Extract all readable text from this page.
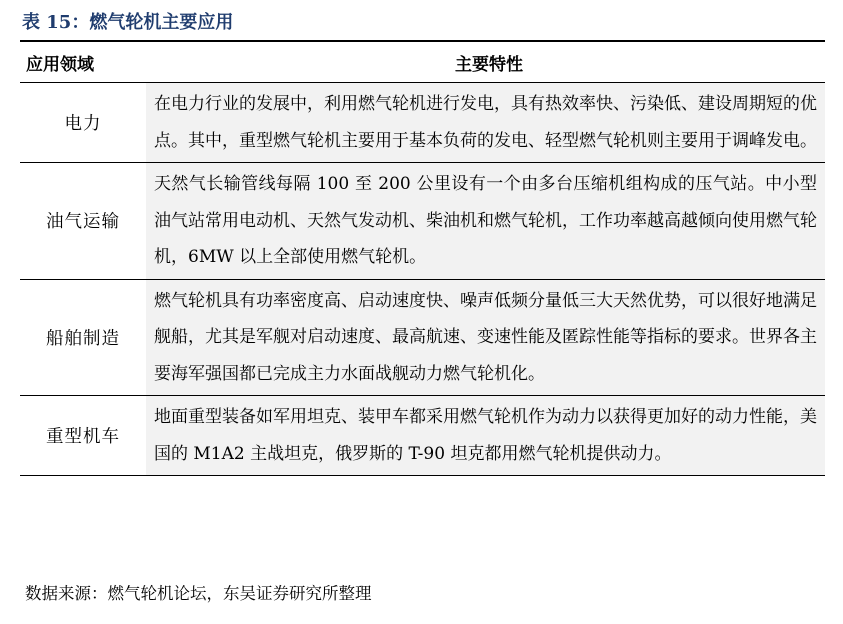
表 15：燃气轮机主要应用
应用领域	主要特性
电力
在电力行业的发展中，利用燃气轮机进行发电，具有热效率快、污染低、建设周期短的优点。其中，重型燃气轮机主要用于基本负荷的发电、轻型燃气轮机则主要用于调峰发电。
油气运输
天然气长输管线每隔 100 至 200 公里设有一个由多台压缩机组构成的压气站。中小型油气站常用电动机、天然气发动机、柴油机和燃气轮机，工作功率越高越倾向使用燃气轮机，6MW 以上全部使用燃气轮机。
船舶制造
燃气轮机具有功率密度高、启动速度快、噪声低频分量低三大天然优势，可以很好地满足舰船，尤其是军舰对启动速度、最高航速、变速性能及匿踪性能等指标的要求。世界各主要海军强国都已完成主力水面战舰动力燃气轮机化。
重型机车
地面重型装备如军用坦克、装甲车都采用燃气轮机作为动力以获得更加好的动力性能，美国的 M1A2 主战坦克，俄罗斯的 T-90 坦克都用燃气轮机提供动力。
数据来源：燃气轮机论坛，东吴证券研究所整理
